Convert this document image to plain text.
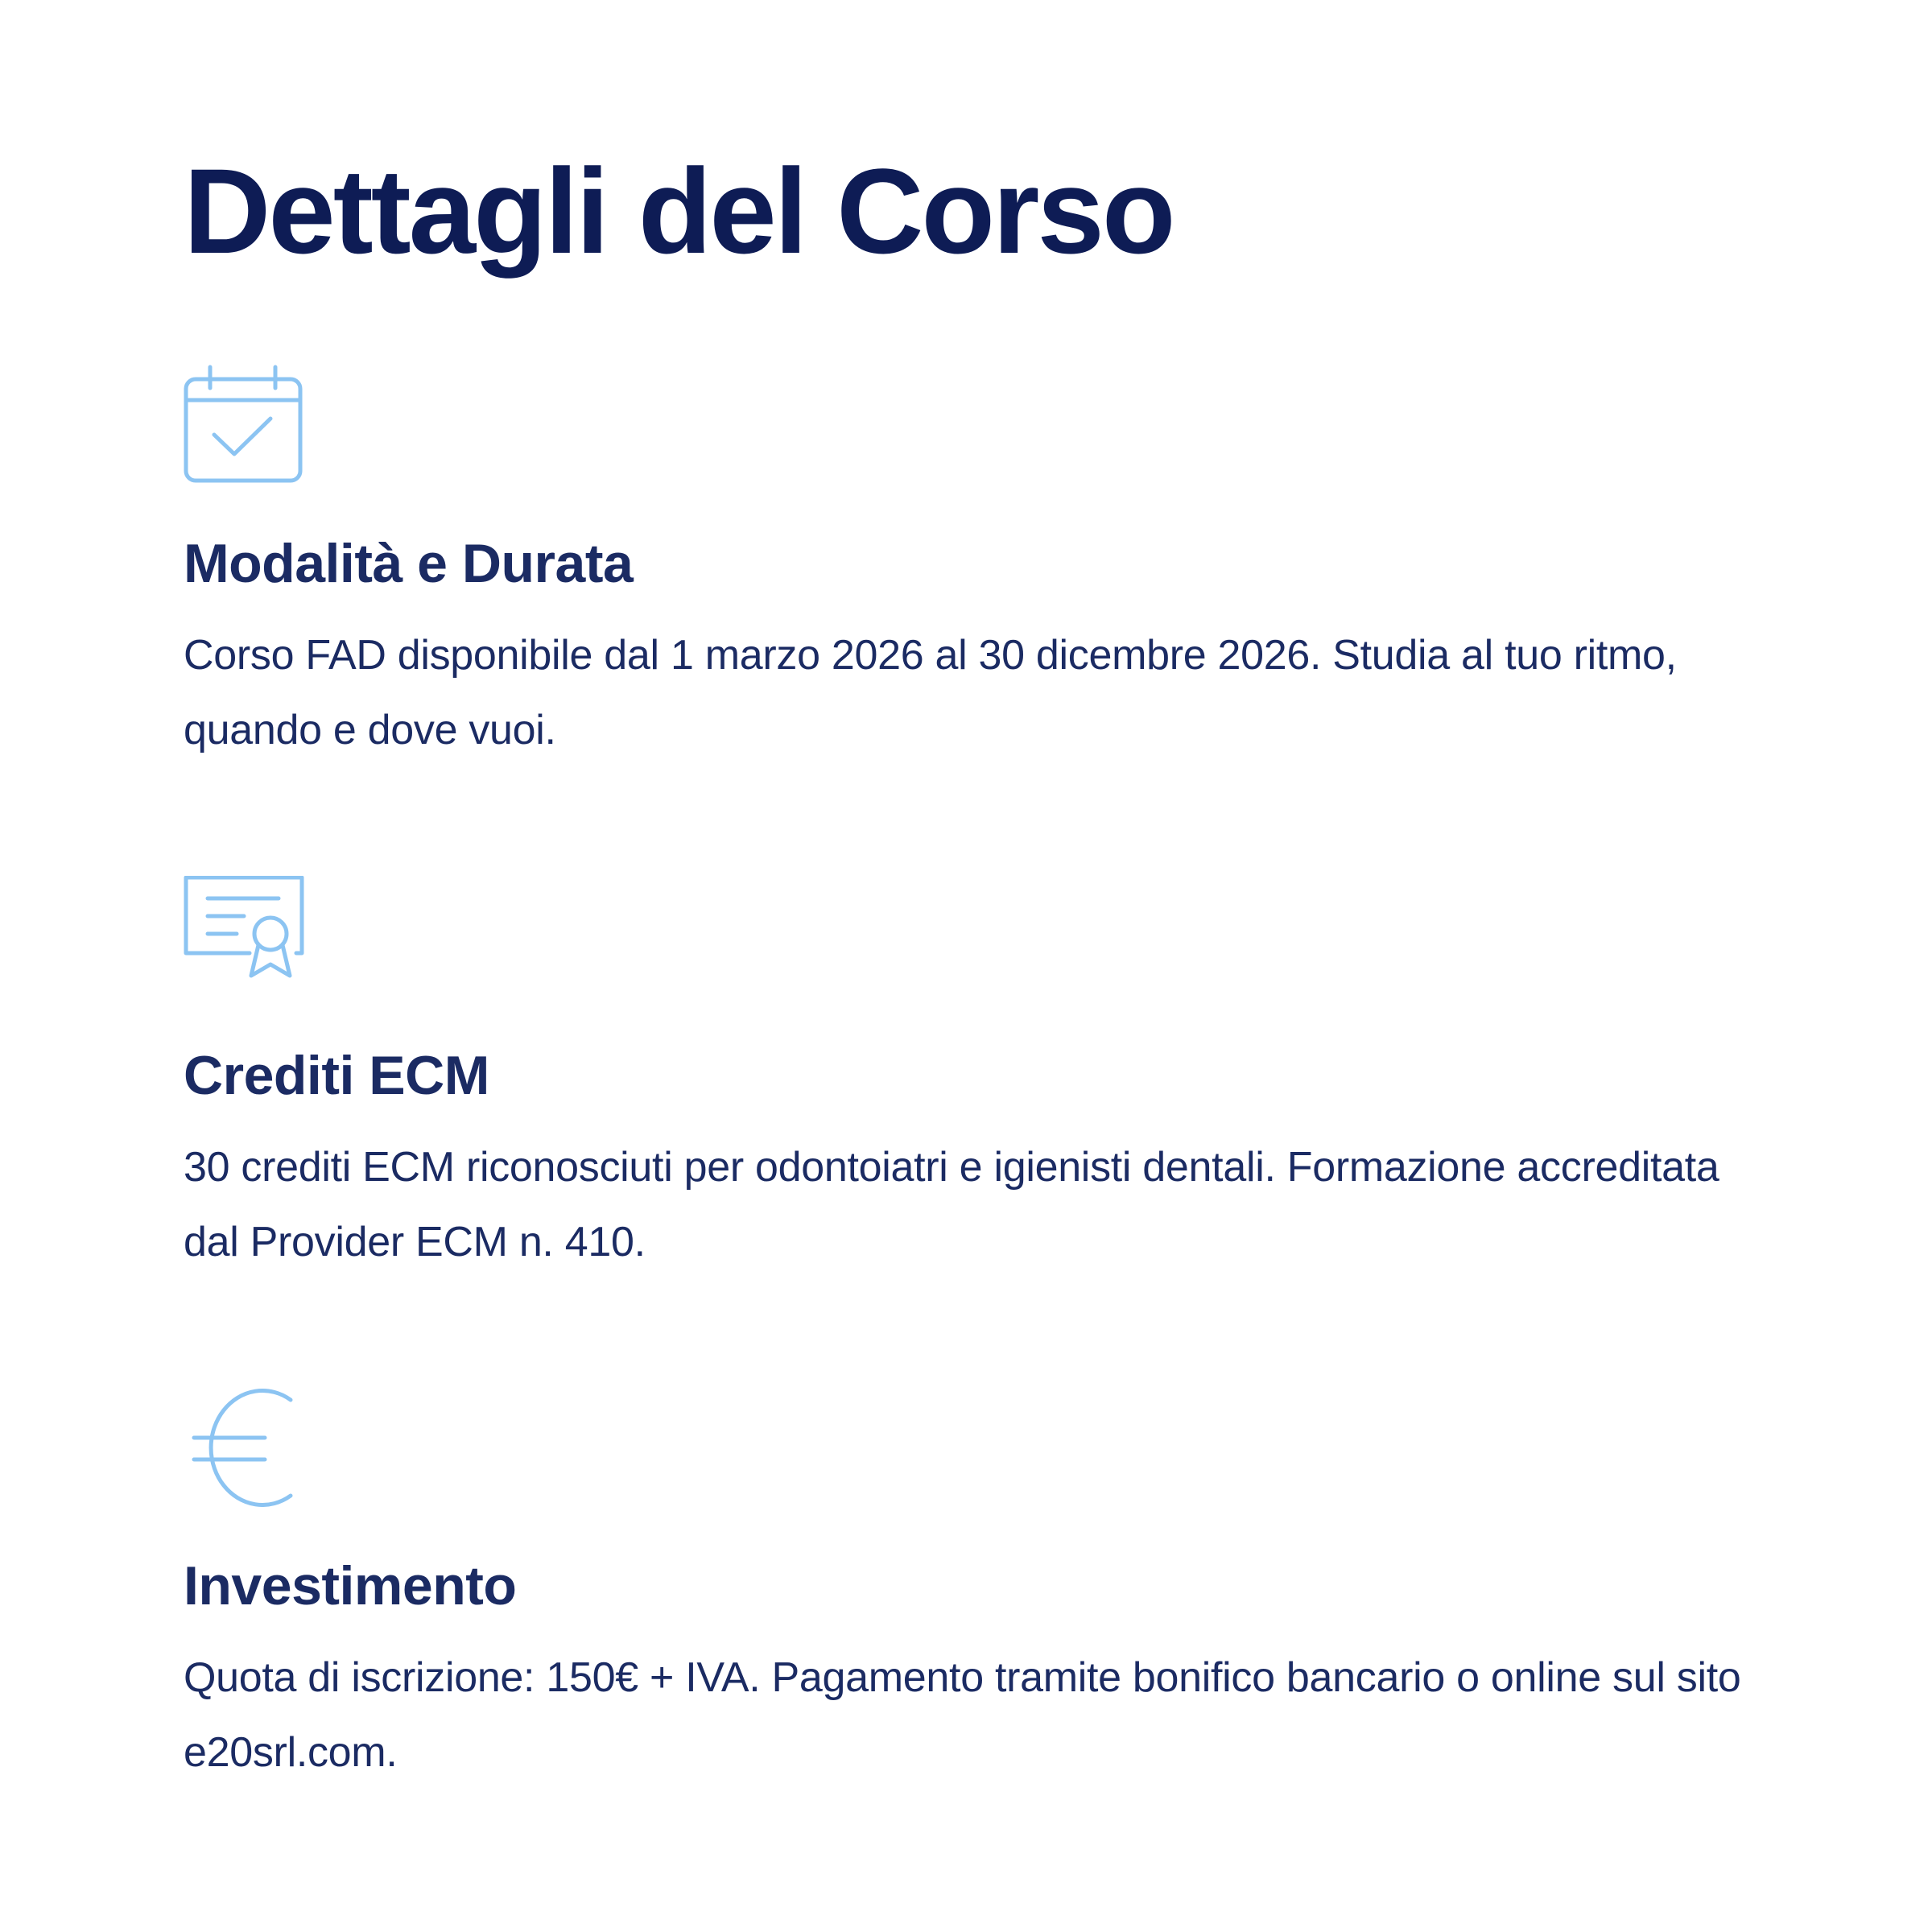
Dettagli del Corso
Modalità e Durata

Corso FAD disponibile dal 1 marzo 2026 al 30 dicembre 2026. Studia al tuo ritmo, quando e dove vuoi.

Crediti ECM

30 crediti ECM riconosciuti per odontoiatri e igienisti dentali. Formazione accreditata dal Provider ECM n. 410.

Investimento

Quota di iscrizione: 150€ + IVA. Pagamento tramite bonifico bancario o online sul sito e20srl.com.
